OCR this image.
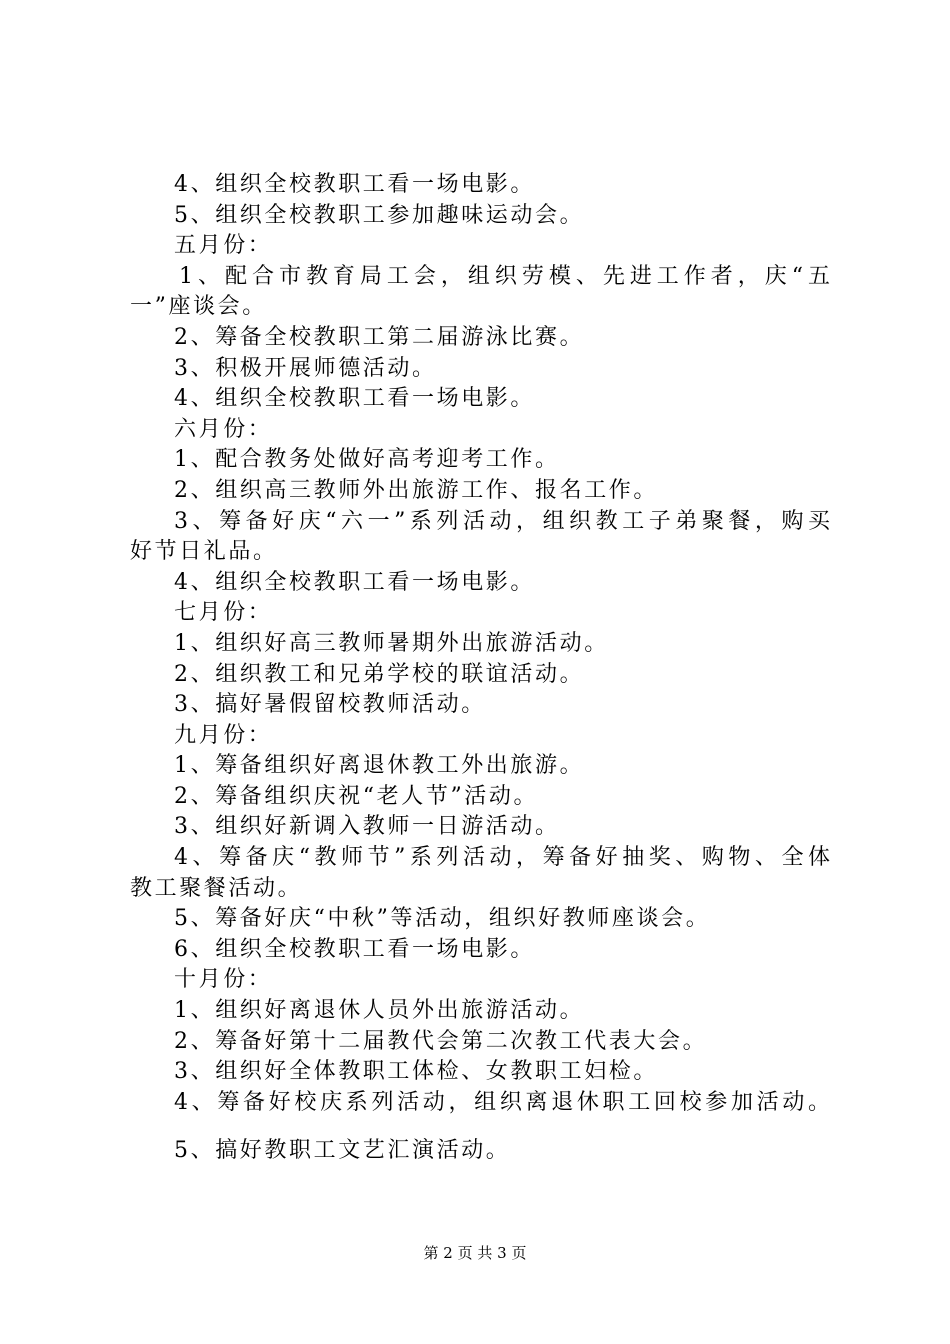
4、组织全校教职工看一场电影。
5、组织全校教职工参加趣味运动会。
五月份：
1、配合市教育局工会，组织劳模、先进工作者，庆“五
一”座谈会。
2、筹备全校教职工第二届游泳比赛。
3、积极开展师德活动。
4、组织全校教职工看一场电影。
六月份：
1、配合教务处做好高考迎考工作。
2、组织高三教师外出旅游工作、报名工作。
3、筹备好庆“六一”系列活动，组织教工子弟聚餐，购买
好节日礼品。
4、组织全校教职工看一场电影。
七月份：
1、组织好高三教师暑期外出旅游活动。
2、组织教工和兄弟学校的联谊活动。
3、搞好暑假留校教师活动。
九月份：
1、筹备组织好离退休教工外出旅游。
2、筹备组织庆祝“老人节”活动。
3、组织好新调入教师一日游活动。
4、筹备庆“教师节”系列活动，筹备好抽奖、购物、全体
教工聚餐活动。
5、筹备好庆“中秋”等活动，组织好教师座谈会。
6、组织全校教职工看一场电影。
十月份：
1、组织好离退休人员外出旅游活动。
2、筹备好第十二届教代会第二次教工代表大会。
3、组织好全体教职工体检、女教职工妇检。
4、筹备好校庆系列活动，组织离退休职工回校参加活动。
5、搞好教职工文艺汇演活动。
第 2 页 共 3 页
